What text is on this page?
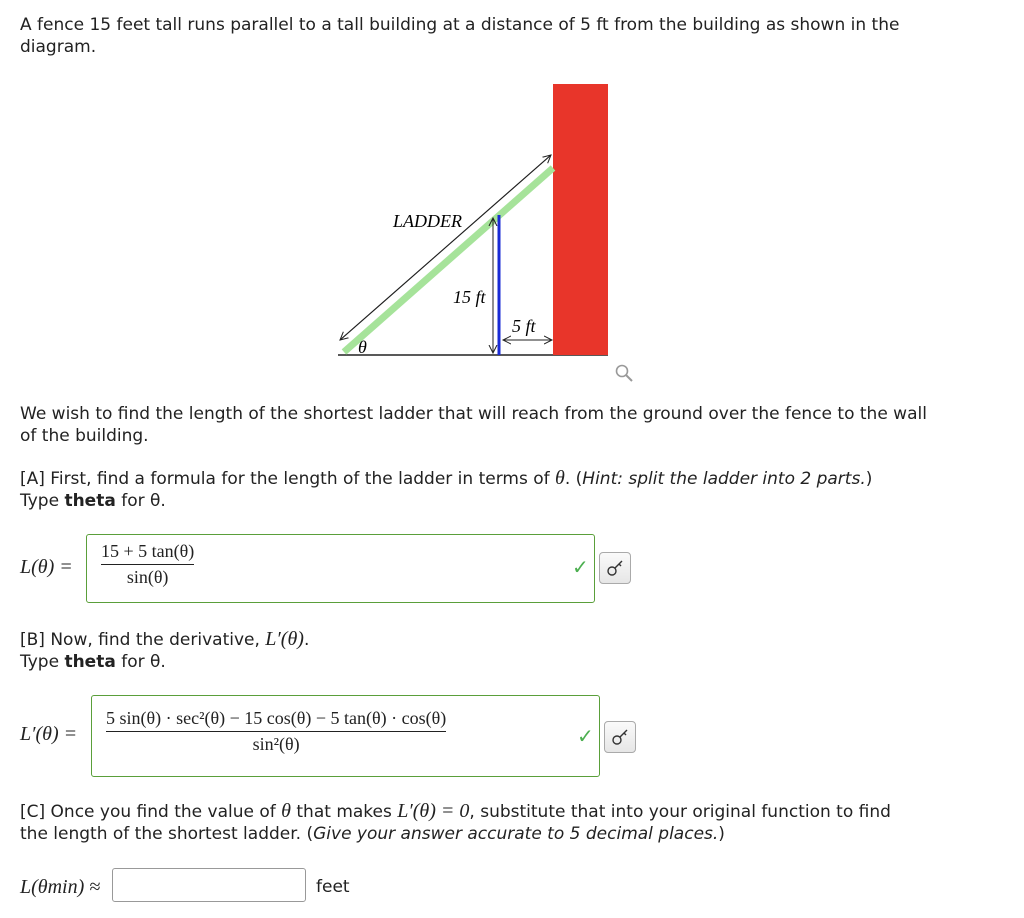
A fence 15 feet tall runs parallel to a tall building at a distance of 5 ft from the building as shown in the
diagram.
LADDER
15 ft
5 ft
θ
We wish to find the length of the shortest ladder that will reach from the ground over the fence to the wall
of the building.
[A] First, find a formula for the length of the ladder in terms of θ. (Hint: split the ladder into 2 parts.)
Type theta for θ.
L(θ) =
15 + 5 tan(θ)
sin(θ)	✓
[B] Now, find the derivative, L′(θ).
Type theta for θ.
L′(θ) =
5 sin(θ) · sec²(θ) − 15 cos(θ) − 5 tan(θ) · cos(θ)
sin²(θ)	✓
[C] Once you find the value of θ that makes L′(θ) = 0, substitute that into your original function to find
the length of the shortest ladder. (Give your answer accurate to 5 decimal places.)
L(θmin) ≈	feet
